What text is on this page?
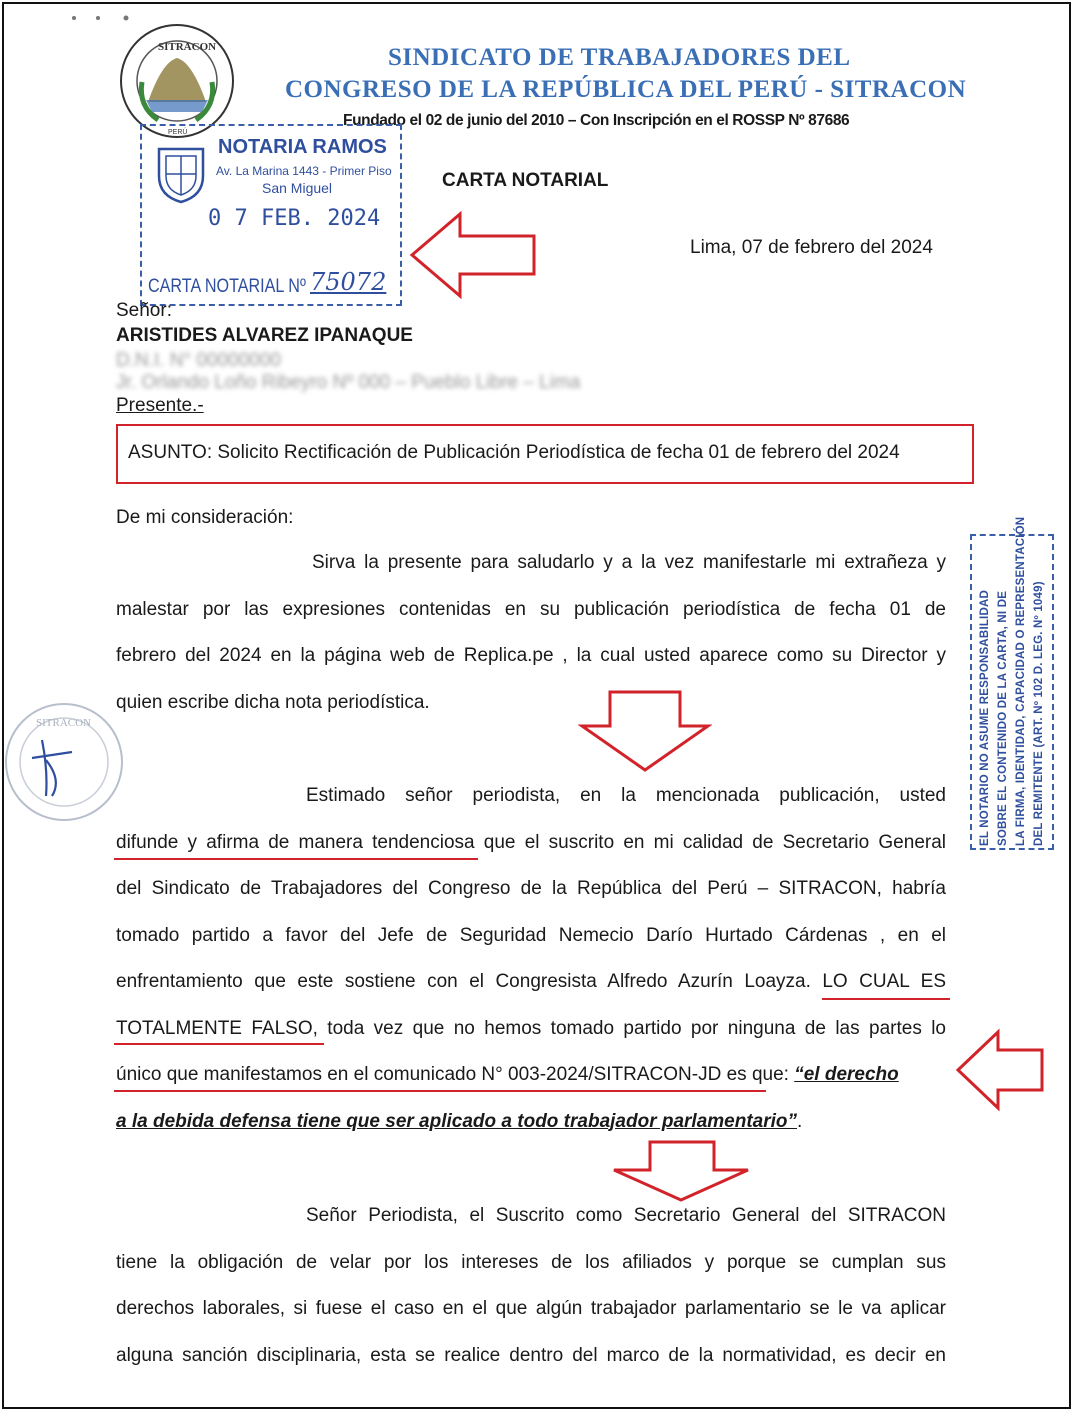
SITRACON
PERÚ
SINDICATO DE TRABAJADORES DEL
CONGRESO DE LA REPÚBLICA DEL PERÚ - SITRACON
Fundado el 02 de junio del 2010 – Con Inscripción en el ROSSP Nº 87686
NOTARIA RAMOS
Av. La Marina 1443 - Primer Piso
San Miguel
0 7 FEB. 2024
CARTA NOTARIAL Nº 75072
CARTA NOTARIAL
Lima, 07 de febrero del 2024
Señor:
ARISTIDES ALVAREZ IPANAQUE
D.N.I. N° 00000000
Jr. Orlando Loño Ribeyro Nº 000 – Pueblo Libre – Lima
Presente.-
ASUNTO: Solicito Rectificación de Publicación Periodística de fecha 01 de febrero del 2024
De mi consideración:
Sirva la presente para saludarlo y a la vez manifestarle mi extrañeza y
malestar por las expresiones contenidas en su publicación periodística de fecha 01 de
febrero del 2024 en la página web de Replica.pe , la cual usted aparece como su Director y
quien escribe dicha nota periodística.
Estimado señor periodista, en la mencionada publicación, usted
difunde y afirma de manera tendenciosa que el suscrito en mi calidad de Secretario General
del Sindicato de Trabajadores del Congreso de la República del Perú – SITRACON, habría
tomado partido a favor del Jefe de Seguridad Nemecio Darío Hurtado Cárdenas , en el
enfrentamiento que este sostiene con el Congresista Alfredo Azurín Loayza. LO CUAL ES
TOTALMENTE FALSO, toda vez que no hemos tomado partido por ninguna de las partes lo
único que manifestamos en el comunicado N° 003-2024/SITRACON-JD es que: “el derecho
a la debida defensa tiene que ser aplicado a todo trabajador parlamentario”.
Señor Periodista, el Suscrito como Secretario General del SITRACON
tiene la obligación de velar por los intereses de los afiliados y porque se cumplan sus
derechos laborales, si fuese el caso en el que algún trabajador parlamentario se le va aplicar
alguna sanción disciplinaria, esta se realice dentro del marco de la normatividad, es decir en
EL NOTARIO NO ASUME RESPONSABILIDAD SOBRE EL CONTENIDO DE LA CARTA, NI DE LA FIRMA, IDENTIDAD, CAPACIDAD O REPRESENTACIÓN DEL REMITENTE (ART. Nº 102 D. LEG. Nº 1049)
SITRACON
